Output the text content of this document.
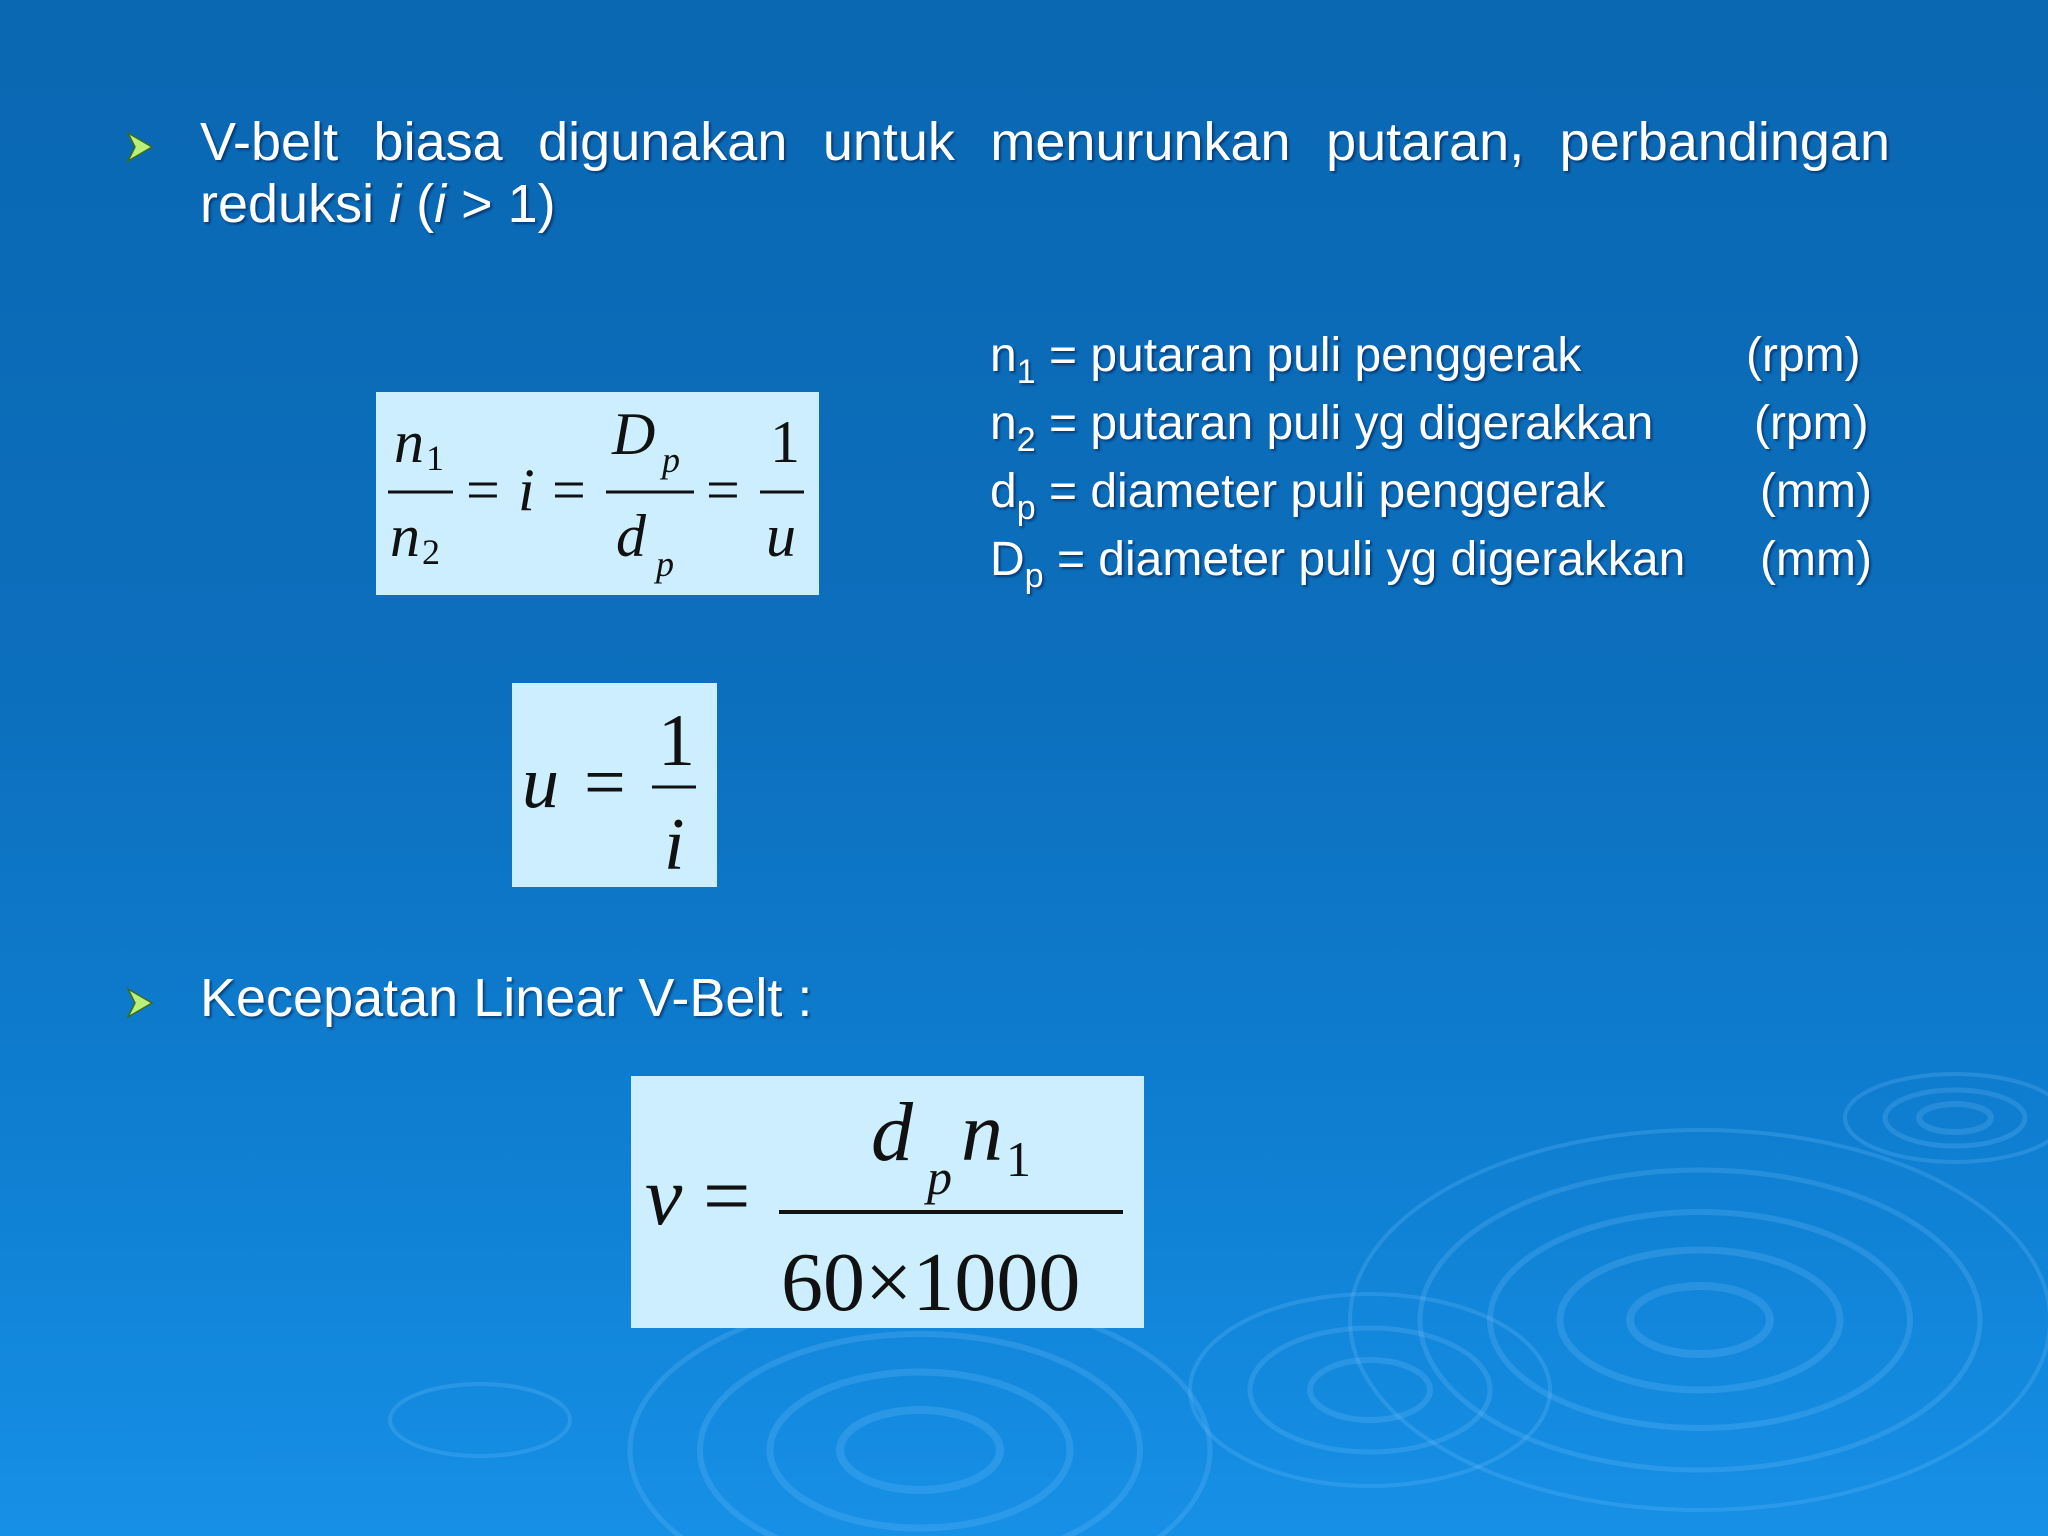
V-belt biasa digunakan untuk menurunkan putaran, perbandingan
reduksi i (i > 1)
$n_1$ = putaran puli penggerak	(rpm)
$n_2$ = putaran puli yg digerakkan (rpm)
$d_p$ = diameter puli penggerak	(mm)
$D_p$ = diameter puli yg digerakkan (mm)
n 1
n 2
= i =
D p
d p
=
1
u
u =
1
i
Kecepatan Linear V-Belt :
v =
d p n 1
60×1000
